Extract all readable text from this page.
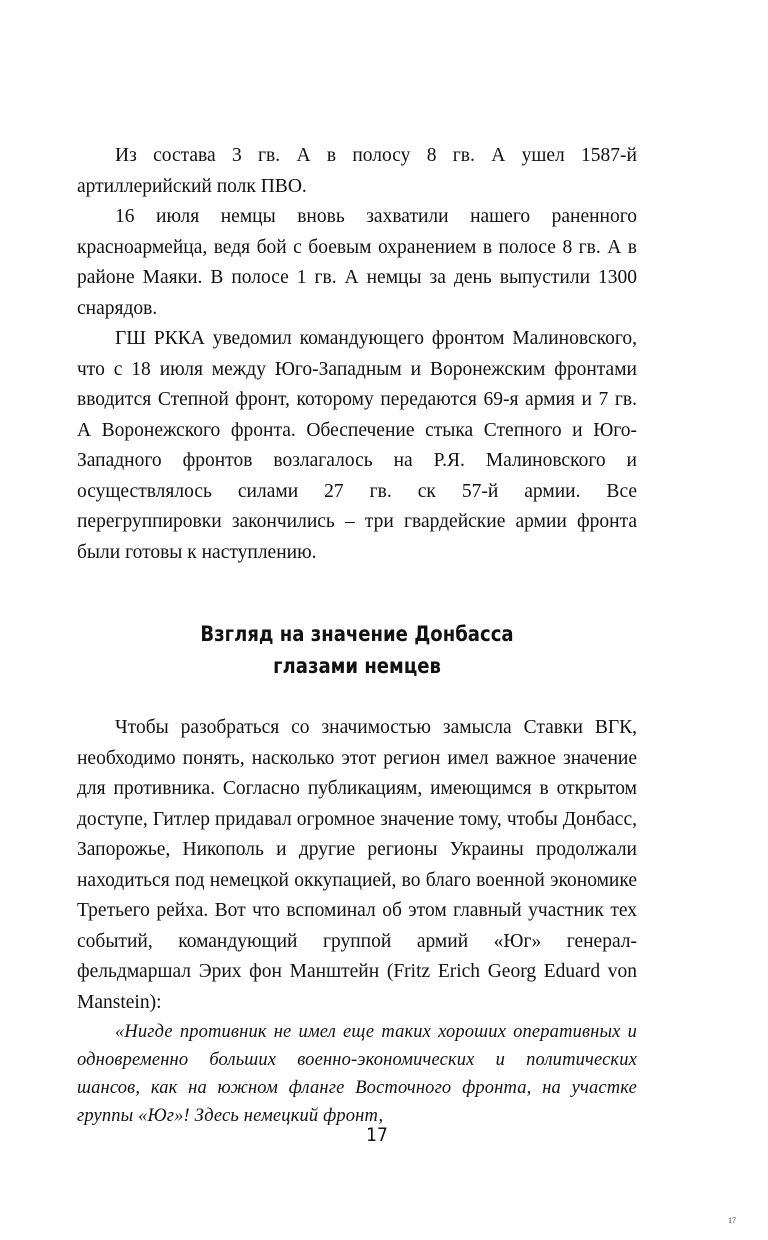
Из состава 3 гв. А в полосу 8 гв. А ушел 1587-й артиллерийский полк ПВО.

16 июля немцы вновь захватили нашего раненного красноармейца, ведя бой с боевым охранением в полосе 8 гв. А в районе Маяки. В полосе 1 гв. А немцы за день выпустили 1300 снарядов.

ГШ РККА уведомил командующего фронтом Малиновского, что с 18 июля между Юго-Западным и Воронежским фронтами вводится Степной фронт, которому передаются 69-я армия и 7 гв. А Воронежского фронта. Обеспечение стыка Степного и Юго-Западного фронтов возлагалось на Р.Я. Малиновского и осуществлялось силами 27 гв. ск 57-й армии. Все перегруппировки закончились – три гвардейские армии фронта были готовы к наступлению.

Взгляд на значение Донбасса
глазами немцев

Чтобы разобраться со значимостью замысла Ставки ВГК, необходимо понять, насколько этот регион имел важное значение для противника. Согласно публикациям, имеющимся в открытом доступе, Гитлер придавал огромное значение тому, чтобы Донбасс, Запорожье, Никополь и другие регионы Украины продолжали находиться под немецкой оккупацией, во благо военной экономике Третьего рейха. Вот что вспоминал об этом главный участник тех событий, командующий группой армий «Юг» генерал-фельдмаршал Эрих фон Манштейн (Fritz Erich Georg Eduard von Manstein):

«Нигде противник не имел еще таких хороших оперативных и одновременно больших военно-экономических и политических шансов, как на южном фланге Восточного фронта, на участке группы «Юг»! Здесь немецкий фронт,

17
17
